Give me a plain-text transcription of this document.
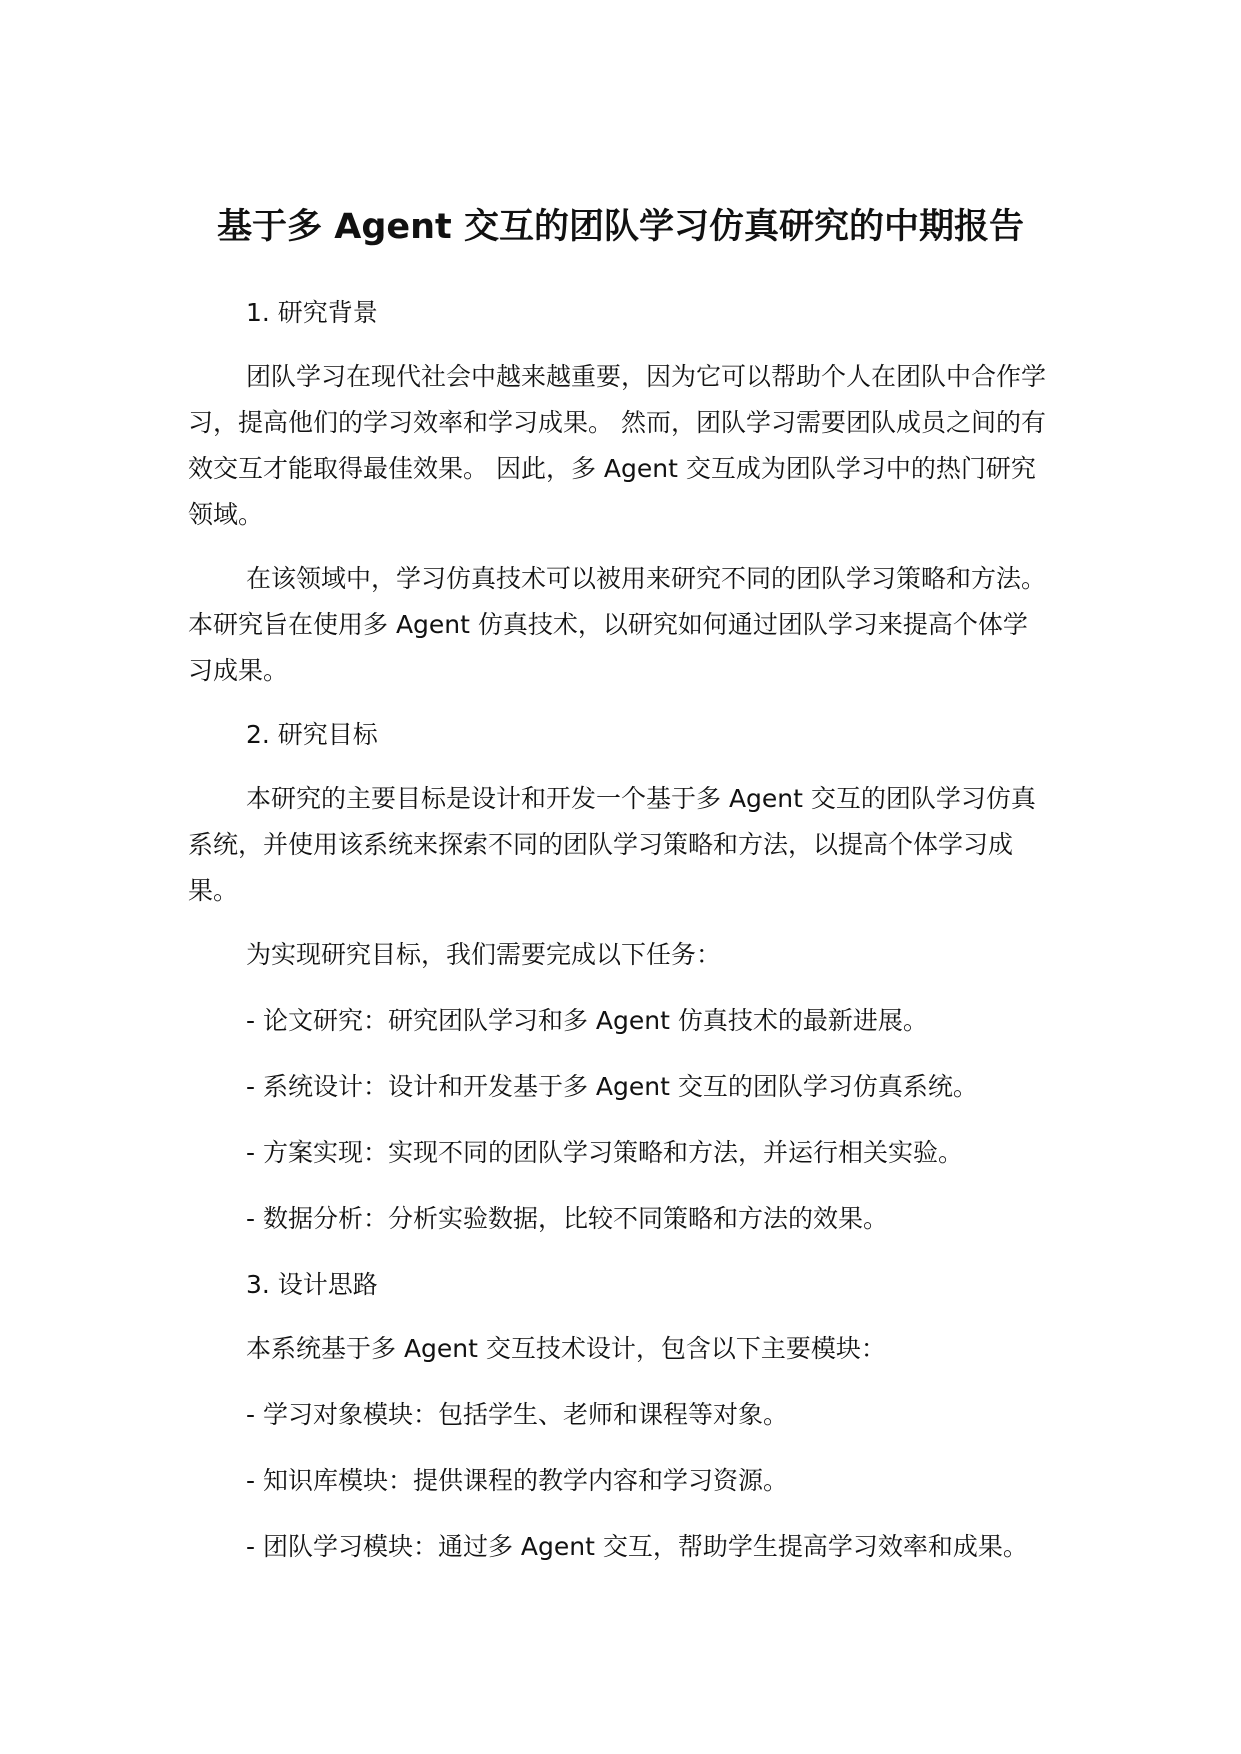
基于多 Agent 交互的团队学习仿真研究的中期报告

1. 研究背景

团队学习在现代社会中越来越重要，因为它可以帮助个人在团队中合作学习，提高他们的学习效率和学习成果。 然而，团队学习需要团队成员之间的有效交互才能取得最佳效果。 因此，多 Agent 交互成为团队学习中的热门研究领域。

在该领域中，学习仿真技术可以被用来研究不同的团队学习策略和方法。 本研究旨在使用多 Agent 仿真技术，以研究如何通过团队学习来提高个体学习成果。

2. 研究目标

本研究的主要目标是设计和开发一个基于多 Agent 交互的团队学习仿真系统，并使用该系统来探索不同的团队学习策略和方法，以提高个体学习成果。

为实现研究目标，我们需要完成以下任务：

- 论文研究：研究团队学习和多 Agent 仿真技术的最新进展。

- 系统设计：设计和开发基于多 Agent 交互的团队学习仿真系统。

- 方案实现：实现不同的团队学习策略和方法，并运行相关实验。

- 数据分析：分析实验数据，比较不同策略和方法的效果。

3. 设计思路

本系统基于多 Agent 交互技术设计，包含以下主要模块：

- 学习对象模块：包括学生、老师和课程等对象。

- 知识库模块：提供课程的教学内容和学习资源。

- 团队学习模块：通过多 Agent 交互，帮助学生提高学习效率和成果。
